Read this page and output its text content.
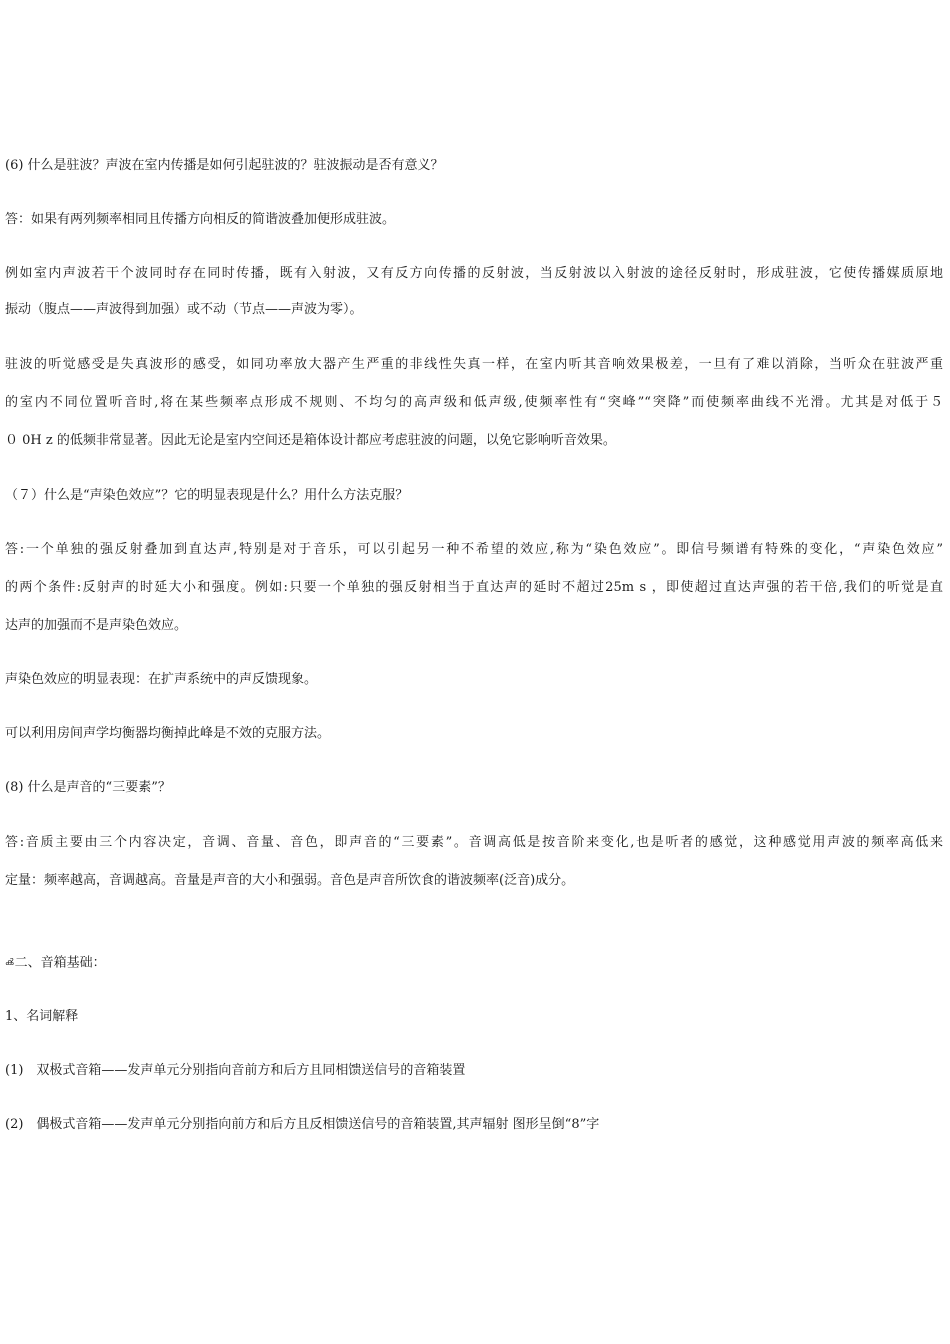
(6) 什么是驻波？声波在室内传播是如何引起驻波的？驻波振动是否有意义？
答：如果有两列频率相同且传播方向相反的简谐波叠加便形成驻波。
例如室内声波若干个波同时存在同时传播，既有入射波，又有反方向传播的反射波，当反射波以入射波的途径反射时，形成驻波，它使传播媒质原地
振动（腹点——声波得到加强）或不动（节点——声波为零）。
驻波的听觉感受是失真波形的感受，如同功率放大器产生严重的非线性失真一样，在室内听其音响效果极差，一旦有了难以消除，当听众在驻波严重
的室内不同位置听音时,将在某些频率点形成不规则、不均匀的高声级和低声级,使频率性有“突峰”“突降”而使频率曲线不光滑。尤其是对低于５
０ 0H z 的低频非常显著。因此无论是室内空间还是箱体设计都应考虑驻波的问题，以免它影响听音效果。
（７）什么是“声染色效应”？它的明显表现是什么？用什么方法克服？
答:一个单独的强反射叠加到直达声,特别是对于音乐，可以引起另一种不希望的效应,称为“染色效应”。即信号频谱有特殊的变化，“声染色效应”
的两个条件:反射声的时延大小和强度。例如:只要一个单独的强反射相当于直达声的延时不超过25m s ，即使超过直达声强的若干倍,我们的听觉是直
达声的加强而不是声染色效应。
声染色效应的明显表现：在扩声系统中的声反馈现象。
可以利用房间声学均衡器均衡掉此峰是不效的克服方法。
(8) 什么是声音的“三要素”？
答:音质主要由三个内容决定，音调、音量、音色，即声音的“三要素”。音调高低是按音阶来变化,也是听者的感觉，这种感觉用声波的频率高低来
定量：频率越高，音调越高。音量是声音的大小和强弱。音色是声音所饮食的谐波频率(泛音)成分。
ൿ二、音箱基础：
1、名词解释
(1)　双极式音箱——发声单元分别指向音前方和后方且同相馈送信号的音箱装置
(2)　偶极式音箱——发声单元分别指向前方和后方且反相馈送信号的音箱装置,其声辐射 图形呈倒“8”字
